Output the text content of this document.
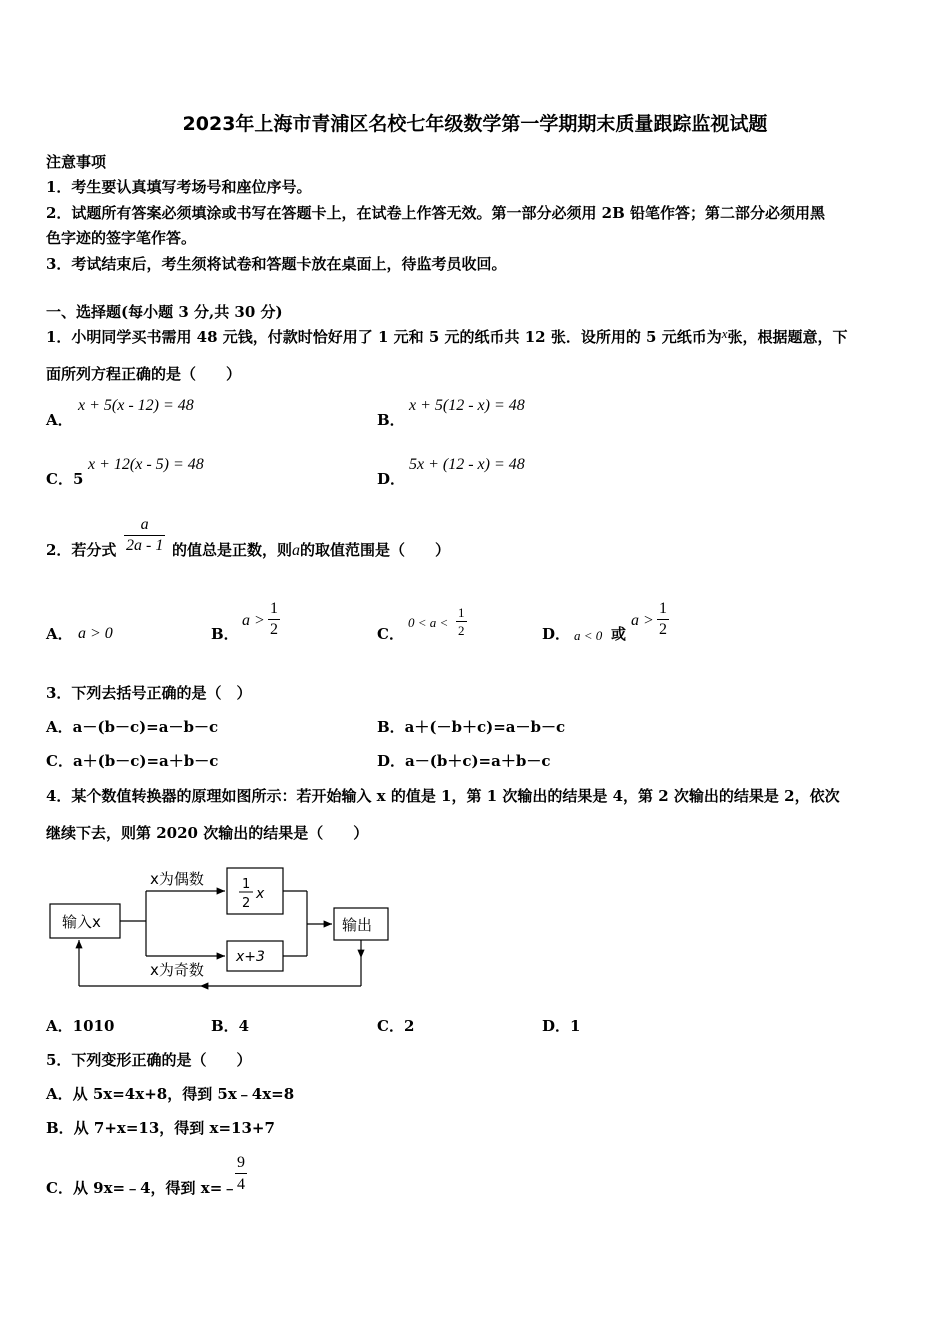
2023年上海市青浦区名校七年级数学第一学期期末质量跟踪监视试题
注意事项
1．考生要认真填写考场号和座位序号。
2．试题所有答案必须填涂或书写在答题卡上，在试卷上作答无效。第一部分必须用 2B 铅笔作答；第二部分必须用黑
色字迹的签字笔作答。
3．考试结束后，考生须将试卷和答题卡放在桌面上，待监考员收回。
一、选择题(每小题 3 分,共 30 分)
1．小明同学买书需用 48 元钱，付款时恰好用了 1 元和 5 元的纸币共 12 张．设所用的 5 元纸币为x张，根据题意，下
面所列方程正确的是（　　）
A．
x + 5(x - 12) = 48
B．
x + 5(12 - x) = 48
C．5
x + 12(x - 5) = 48
D．
5x + (12 - x) = 48
2．若分式 $\frac{a}{2a - 1}$ 的值总是正数，则a的取值范围是（　　）
A． a > 0	B．
$a > \frac{1}{2}$	C．
$0 < a < \frac{1}{2}$	D． a < 0 或
$a > \frac{1}{2}$
3．下列去括号正确的是（　）
A．a－(b－c)=a－b－c	B．a＋(－b＋c)=a－b－c
C．a＋(b－c)=a＋b－c	D．a－(b＋c)=a＋b－c
4．某个数值转换器的原理如图所示：若开始输入 x 的值是 1，第 1 次输出的结果是 4，第 2 次输出的结果是 2，依次
继续下去，则第 2020 次输出的结果是（　　）
输入x
x为偶数
x为奇数
1
2
x
x+3
输出
A．1010	B．4	C．2	D．1
5．下列变形正确的是（　　）
A．从 5x=4x+8，得到 5x﹣4x=8
B．从 7+x=13，得到 x=13+7
C．从 9x=﹣4，得到 x=﹣
$\frac{9}{4}$
